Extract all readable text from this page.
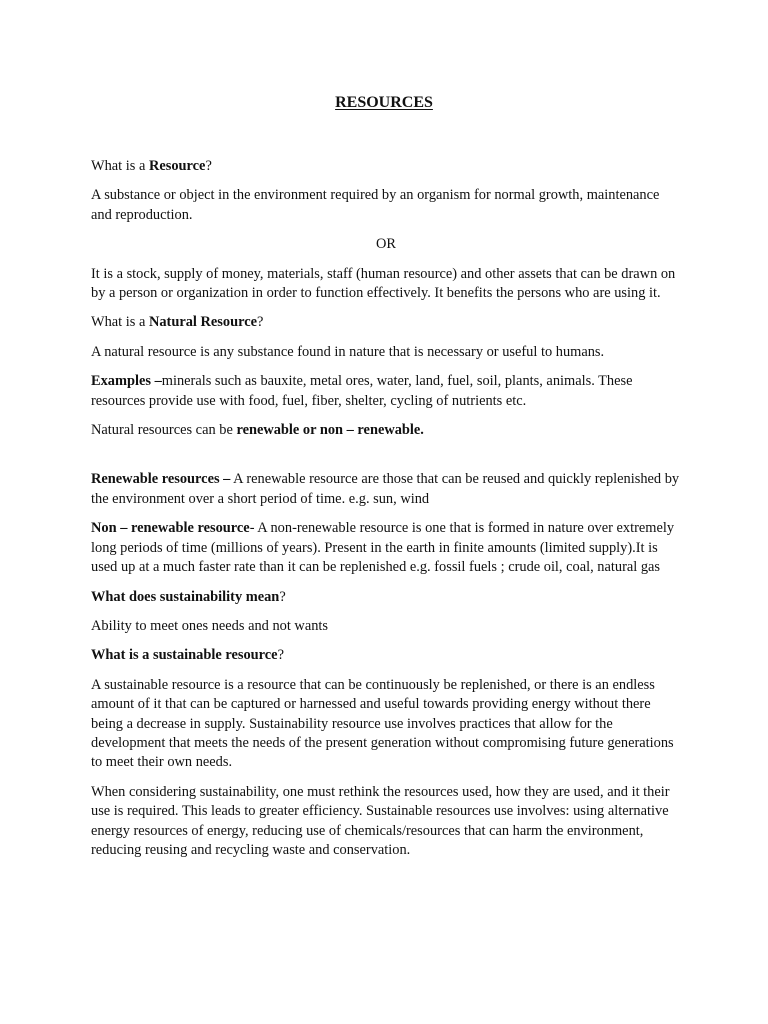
RESOURCES

What is a Resource?

A substance or object in the environment required by an organism for normal growth, maintenance and reproduction.

OR

It is a stock, supply of money, materials, staff (human resource) and other assets that can be drawn on by a person or organization in order to function effectively. It benefits the persons who are using it.

What is a Natural Resource?

A natural resource is any substance found in nature that is necessary or useful to humans.

Examples –minerals such as bauxite, metal ores, water, land, fuel, soil, plants, animals. These resources provide use with food, fuel, fiber, shelter, cycling of nutrients etc.

Natural resources can be renewable or non – renewable.

Renewable resources – A renewable resource are those that can be reused and quickly replenished by the environment over a short period of time. e.g. sun, wind

Non – renewable resource- A non-renewable resource is one that is formed in nature over extremely long periods of time (millions of years). Present in the earth in finite amounts (limited supply).It is used up at a much faster rate than it can be replenished e.g. fossil fuels ; crude oil, coal, natural gas

What does sustainability mean?

Ability to meet ones needs and not wants

What is a sustainable resource?

A sustainable resource is a resource that can be continuously be replenished, or there is an endless amount of it that can be captured or harnessed and useful towards providing energy without there being a decrease in supply. Sustainability resource use involves practices that allow for the development that meets the needs of the present generation without compromising future generations to meet their own needs.

When considering sustainability, one must rethink the resources used, how they are used, and it their use is required. This leads to greater efficiency. Sustainable resources use involves: using alternative energy resources of energy, reducing use of chemicals/resources that can harm the environment, reducing reusing and recycling waste and conservation.
